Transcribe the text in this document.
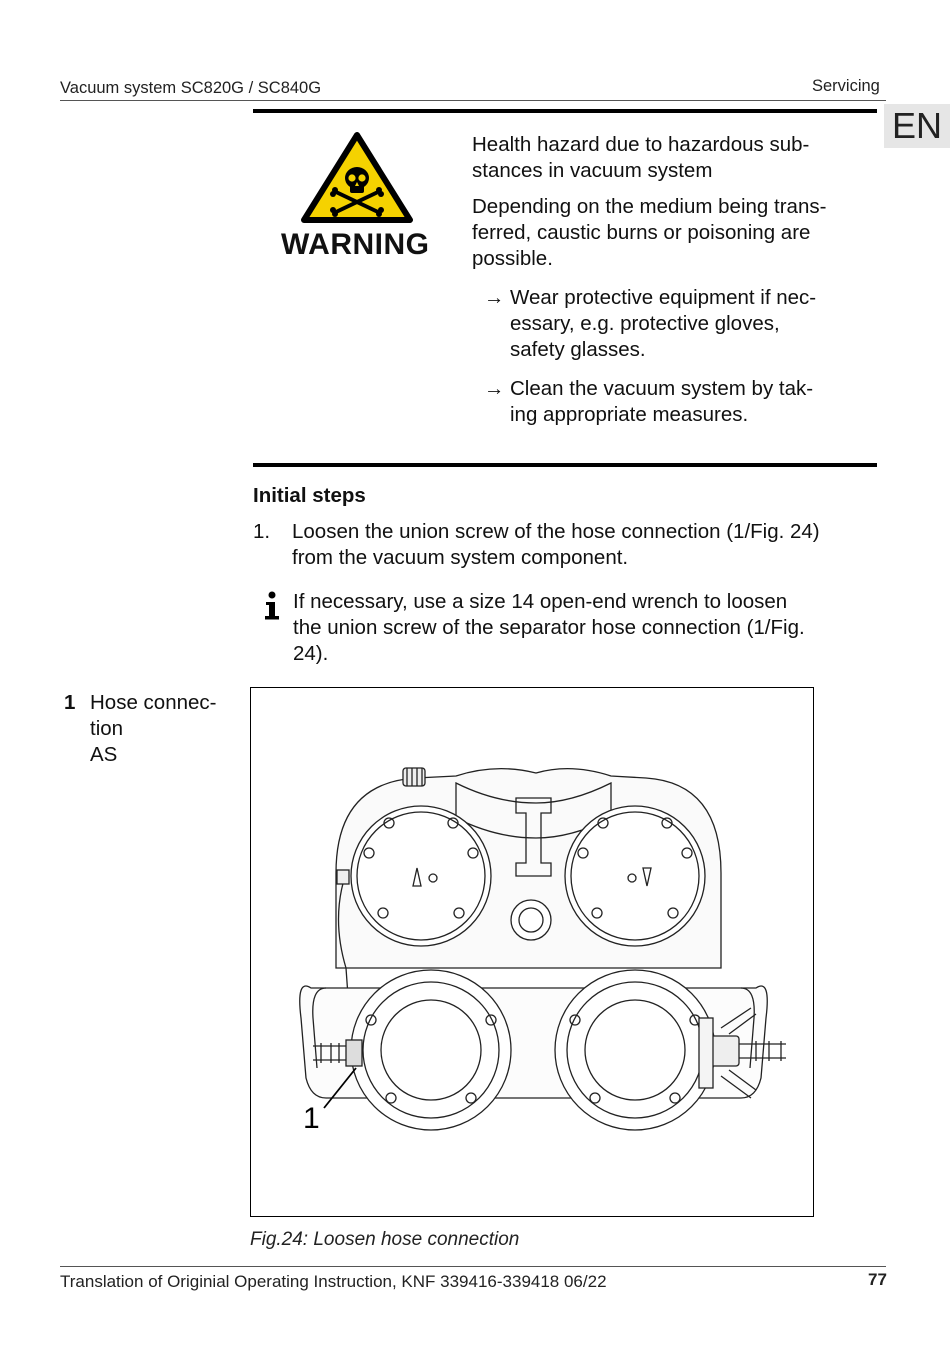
Vacuum system SC820G / SC840G	Servicing
EN
WARNING
Health hazard due to hazardous sub-
stances in vacuum system
Depending on the medium being trans-
ferred, caustic burns or poisoning are
possible.
→ Wear protective equipment if nec-
essary, e.g. protective gloves,
safety glasses.
→ Clean the vacuum system by tak-
ing appropriate measures.
Initial steps
1.	Loosen the union screw of the hose connection (1/Fig. 24)
from the vacuum system component.
If necessary, use a size 14 open-end wrench to loosen
the union screw of the separator hose connection (1/Fig.
24).
1 Hose connec-
tion
AS
1
Fig.24: Loosen hose connection
Translation of Originial Operating Instruction, KNF 339416-339418 06/22	77
